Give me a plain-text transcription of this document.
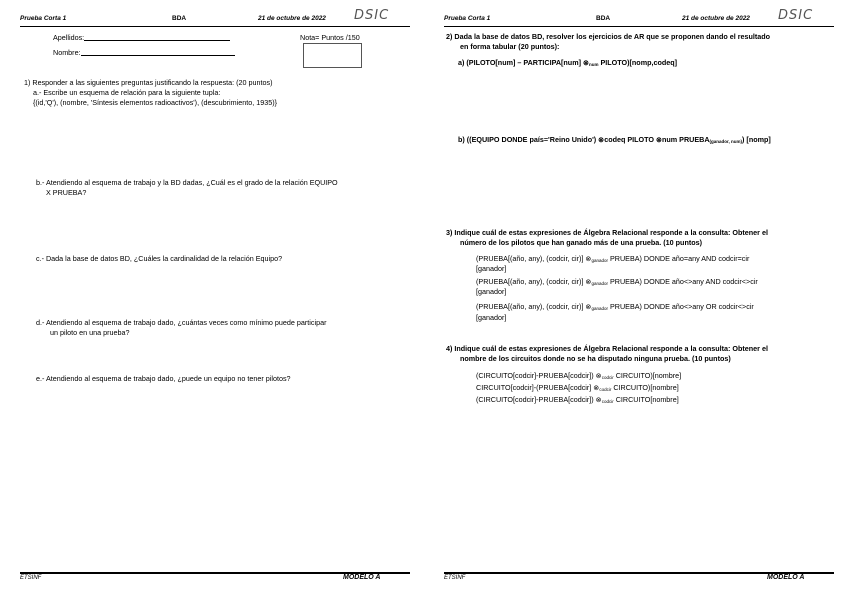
Prueba Corta 1	BDA	21 de octubre de 2022 DSIC
Apellidos:
Nombre:
Nota= Puntos /150
1) Responder a las siguientes preguntas justificando la respuesta: (20 puntos)
a.- Escribe un esquema de relación para la siguiente tupla:
{(id,'Q'), (nombre, 'Síntesis elementos radioactivos'), (descubrimiento, 1935)}
b.- Atendiendo al esquema de trabajo y la BD dadas, ¿Cuál es el grado de la relación EQUIPO
X PRUEBA?
c.- Dada la base de datos BD, ¿Cuáles la cardinalidad de la relación Equipo?
d.- Atendiendo al esquema de trabajo dado, ¿cuántas veces como mínimo puede participar
un piloto en una prueba?
e.- Atendiendo al esquema de trabajo dado, ¿puede un equipo no tener pilotos?
ETSINF	MODELO A
Prueba Corta 1	BDA	21 de octubre de 2022 DSIC
2) Dada la base de datos BD, resolver los ejercicios de AR que se proponen dando el resultado
en forma tabular (20 puntos):
a) (PILOTO[num] – PARTICIPA[num] $\otimes_{num}$ PILOTO)[nomp,codeq]
b) ((EQUIPO DONDE país='Reino Unido') ⊗codeq PILOTO ⊗num $PRUEBA_{(ganador, num)}$) [nomp]
3) Indique cuál de estas expresiones de Álgebra Relacional responde a la consulta: Obtener el
número de los pilotos que han ganado más de una prueba. (10 puntos)
(PRUEBA[(año, any), (codcir, cir)] $\otimes_{ganador}$ PRUEBA) DONDE año=any AND codcir=cir
[ganador]
(PRUEBA[(año, any), (codcir, cir)] $\otimes_{ganador}$ PRUEBA) DONDE año<>any AND codcir<>cir
[ganador]
(PRUEBA[(año, any), (codcir, cir)] $\otimes_{ganador}$ PRUEBA) DONDE año<>any OR codcir<>cir
[ganador]
4) Indique cuál de estas expresiones de Álgebra Relacional responde a la consulta: Obtener el
nombre de los circuitos donde no se ha disputado ninguna prueba. (10 puntos)
(CIRCUITO[codcir]-PRUEBA[codcir]) $\otimes_{codcir}$ CIRCUITO)[nombre]
CIRCUITO[codcir]-(PRUEBA[codcir] $\otimes_{codcir}$ CIRCUITO)[nombre]
(CIRCUITO[codcir]-PRUEBA[codcir]) $\otimes_{codcir}$ CIRCUITO[nombre]
ETSINF	MODELO A
